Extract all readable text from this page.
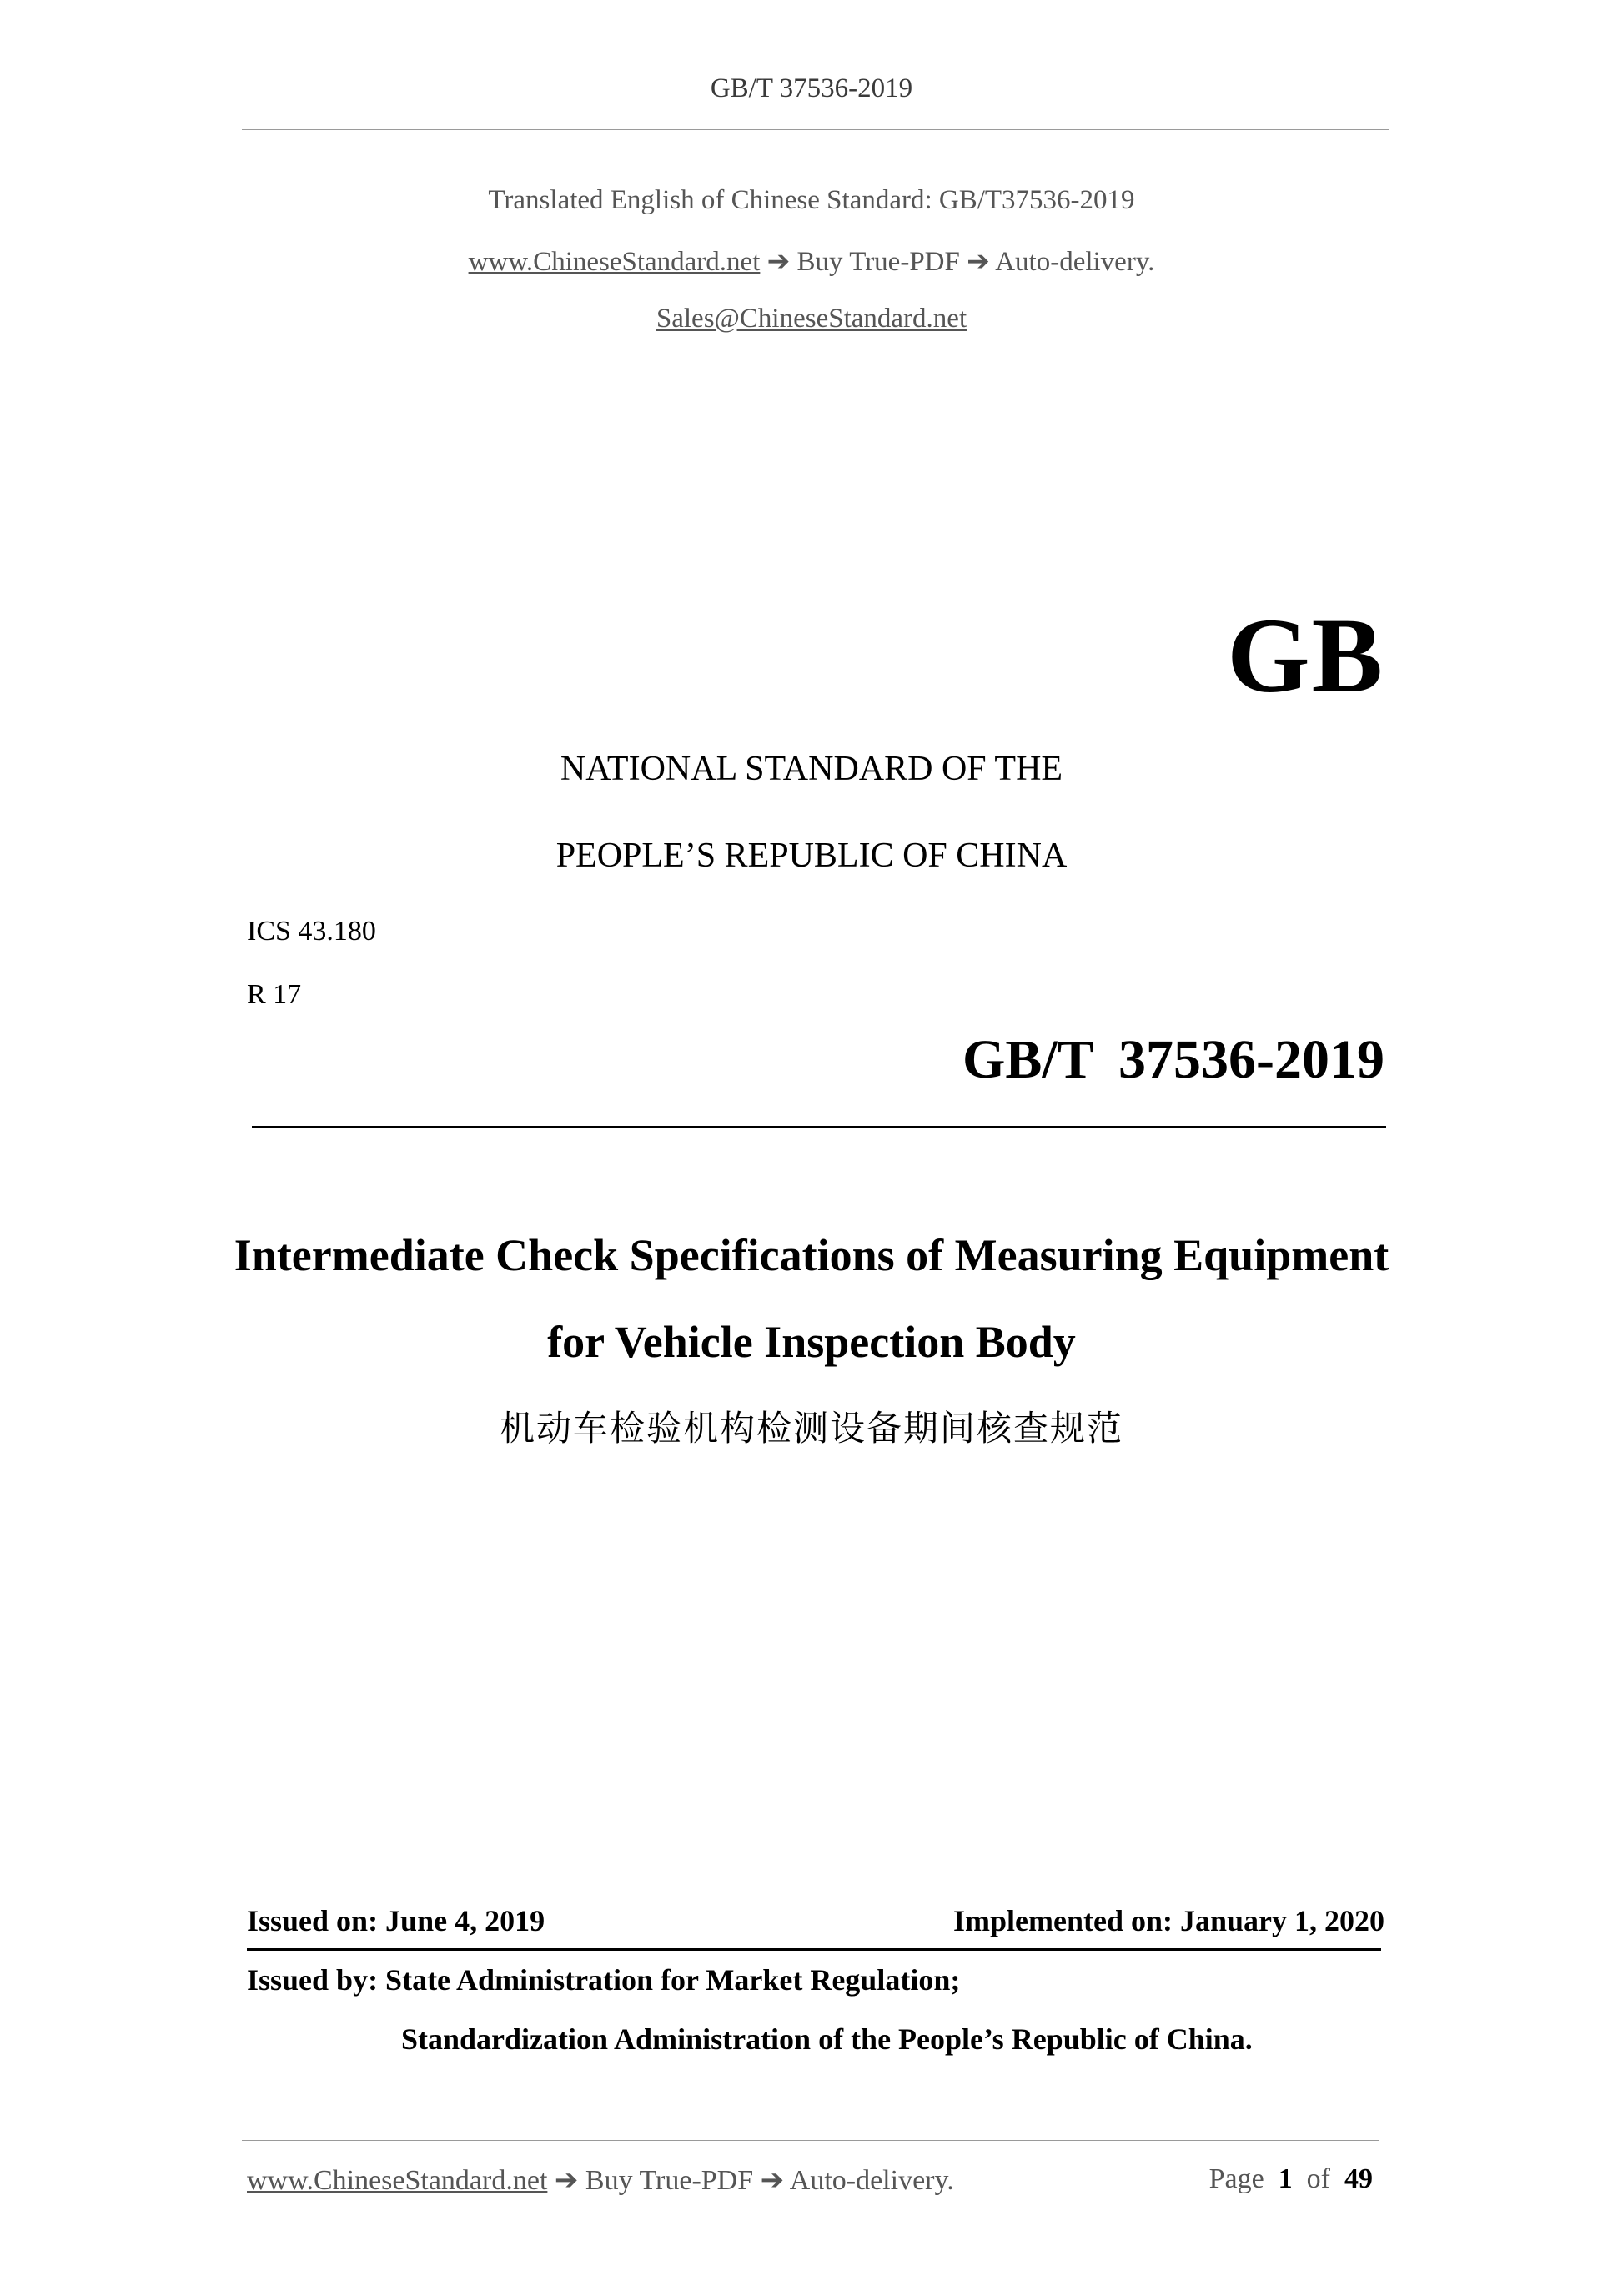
GB/T 37536-2019
Translated English of Chinese Standard: GB/T37536-2019
www.ChineseStandard.net ➔ Buy True-PDF ➔ Auto-delivery.
Sales@ChineseStandard.net
GB
NATIONAL STANDARD OF THE
PEOPLE’S REPUBLIC OF CHINA
ICS 43.180
R 17
GB/T 37536-2019
Intermediate Check Specifications of Measuring Equipment
for Vehicle Inspection Body
机动车检验机构检测设备期间核查规范
Issued on: June 4, 2019	Implemented on: January 1, 2020
Issued by: State Administration for Market Regulation;
Standardization Administration of the People’s Republic of China.
www.ChineseStandard.net ➔ Buy True-PDF ➔ Auto-delivery.	Page 1 of 49
